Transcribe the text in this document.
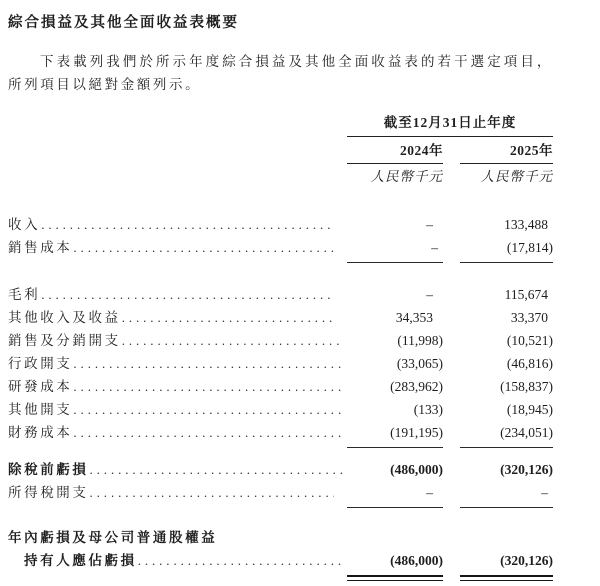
綜合損益及其他全面收益表概要

下表載列我們於所示年度綜合損益及其他全面收益表的若干選定項目，所列項目以絕對金額列示。

截至12月31日止年度
2024年	2025年
人民幣千元	人民幣千元
收入 .....	–	133,488
銷售成本 .....	–	(17,814)
毛利 .....	–	115,674
其他收入及收益 .....	34,353	33,370
銷售及分銷開支 .....	(11,998)	(10,521)
行政開支 .....	(33,065)	(46,816)
研發成本 .....	(283,962)	(158,837)
其他開支 .....	(133)	(18,945)
財務成本 .....	(191,195)	(234,051)
除稅前虧損 .....	(486,000)	(320,126)
所得稅開支 .....	–	–
年內虧損及母公司普通股權益
持有人應佔虧損 .....	(486,000)	(320,126)
